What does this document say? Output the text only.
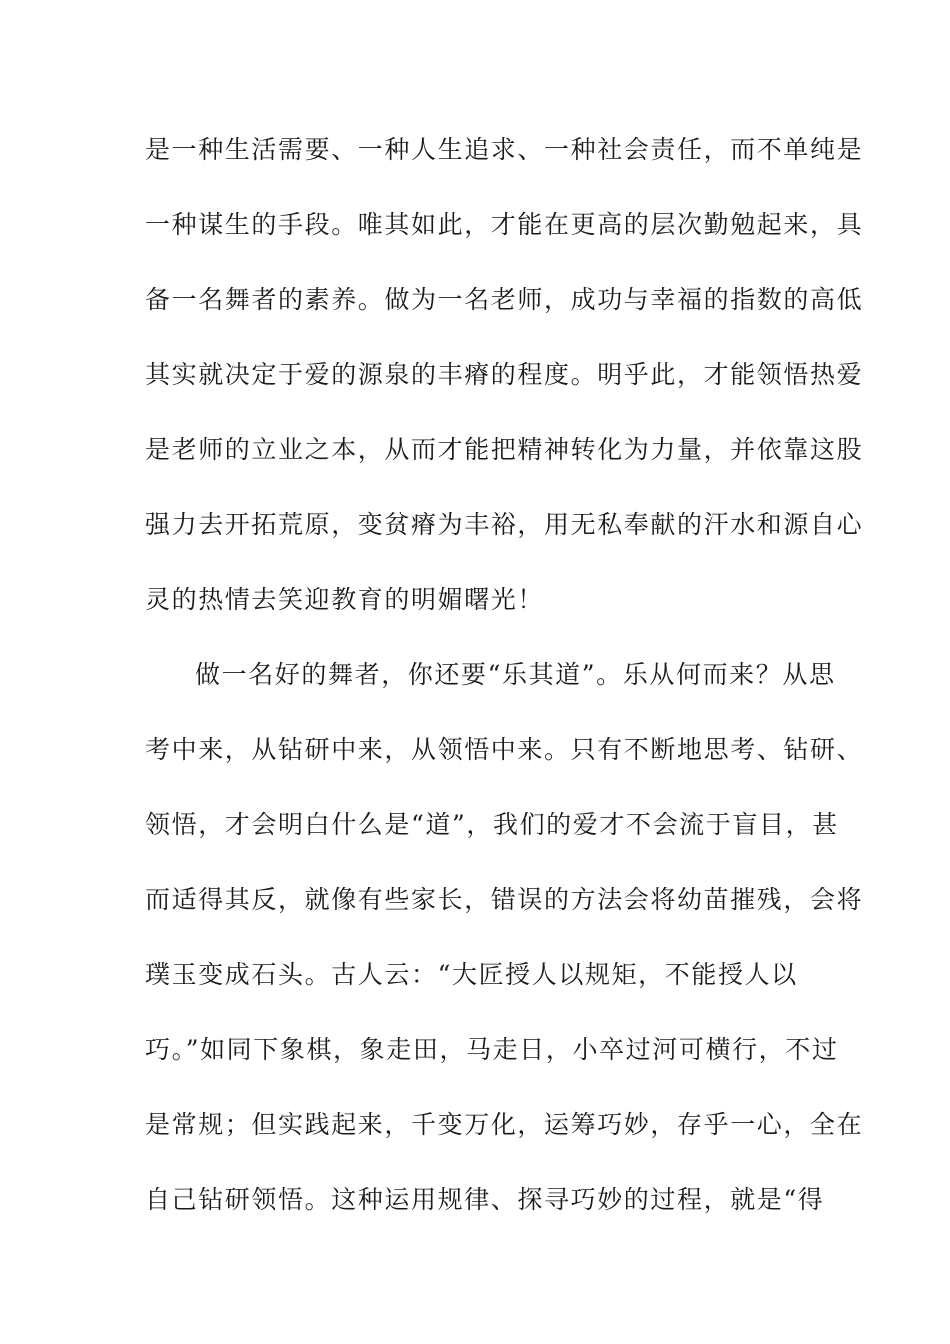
是一种生活需要、一种人生追求、一种社会责任，而不单纯是
一种谋生的手段。唯其如此，才能在更高的层次勤勉起来，具
备一名舞者的素养。做为一名老师，成功与幸福的指数的高低
其实就决定于爱的源泉的丰瘠的程度。明乎此，才能领悟热爱
是老师的立业之本，从而才能把精神转化为力量，并依靠这股
强力去开拓荒原，变贫瘠为丰裕，用无私奉献的汗水和源自心
灵的热情去笑迎教育的明媚曙光！
做一名好的舞者，你还要“乐其道”。乐从何而来？从思
考中来，从钻研中来，从领悟中来。只有不断地思考、钻研、
领悟，才会明白什么是“道”，我们的爱才不会流于盲目，甚
而适得其反，就像有些家长，错误的方法会将幼苗摧残，会将
璞玉变成石头。古人云：“大匠授人以规矩，不能授人以
巧。”如同下象棋，象走田，马走日，小卒过河可横行，不过
是常规；但实践起来，千变万化，运筹巧妙，存乎一心，全在
自己钻研领悟。这种运用规律、探寻巧妙的过程，就是“得
